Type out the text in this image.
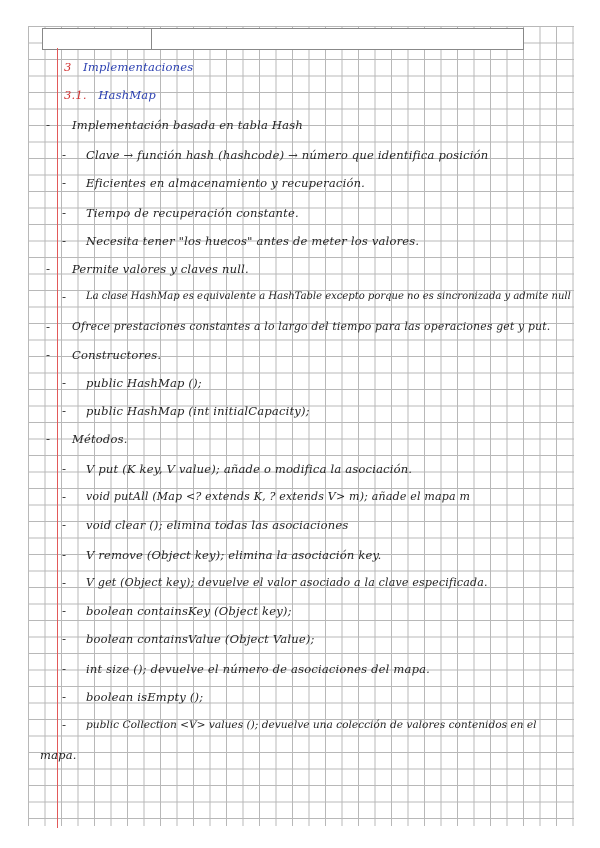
3 Implementaciones
3.1. HashMap
- Implementación basada en tabla Hash
- Clave → función hash (hashcode) → número que identifica posición
- Eficientes en almacenamiento y recuperación.
- Tiempo de recuperación constante.
- Necesita tener "los huecos" antes de meter los valores.
- Permite valores y claves null.
- La clase HashMap es equivalente a HashTable excepto porque no es sincronizada y admite null
- Ofrece prestaciones constantes a lo largo del tiempo para las operaciones get y put.
- Constructores.
- public HashMap ();
- public HashMap (int initialCapacity);
- Métodos.
- V put (K key, V value); añade o modifica la asociación.
- void putAll (Map <? extends K, ? extends V> m); añade el mapa m
- void clear (); elimina todas las asociaciones
- V remove (Object key); elimina la asociación key.
- V get (Object key); devuelve el valor asociado a la clave especificada.
- boolean containsKey (Object key);
- boolean containsValue (Object Value);
- int size (); devuelve el número de asociaciones del mapa.
- boolean isEmpty ();
- public Collection <V> values (); devuelve una colección de valores contenidos en el
mapa.
